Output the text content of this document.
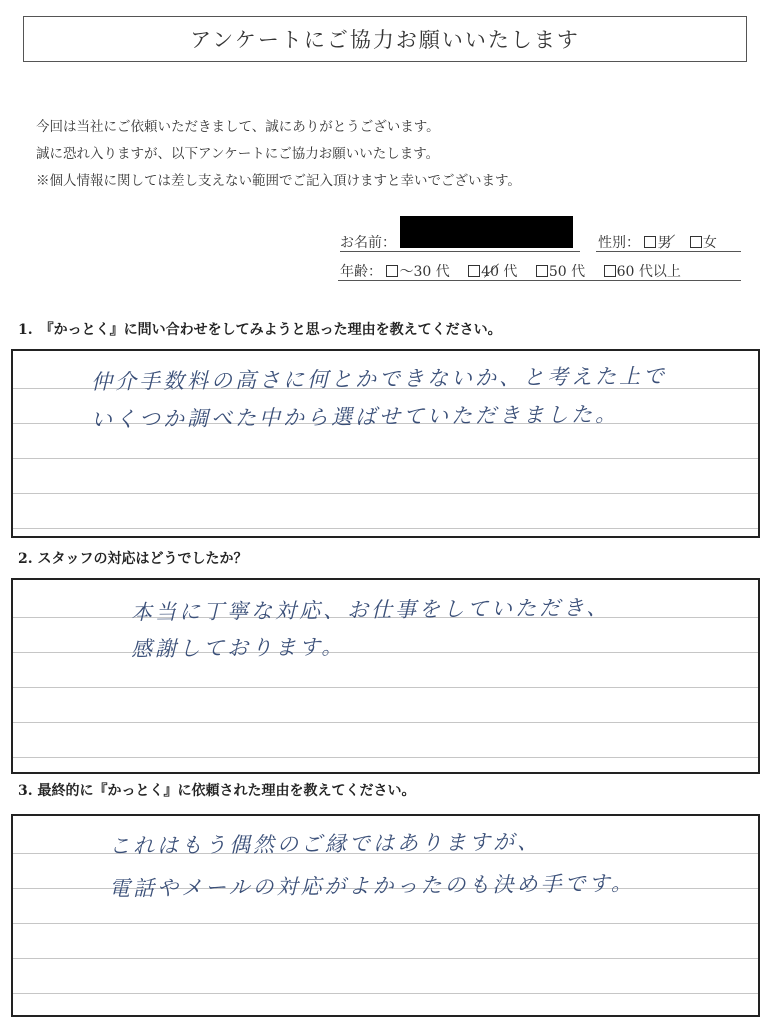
アンケートにご協力お願いいたします
今回は当社にご依頼いただきまして、誠にありがとうございます。
誠に恐れ入りますが、以下アンケートにご協力お願いいたします。
※個人情報に関しては差し支えない範囲でご記入頂けますと幸いでございます。
お名前：	性別： 男 女
年齢： ～30 代 40 代 50 代 60 代以上
1.　『かっとく』に問い合わせをしてみようと思った理由を教えてください。
仲介手数料の高さに何とかできないか、と考えた上で
いくつか調べた中から選ばせていただきました。
2. スタッフの対応はどうでしたか？
本当に丁寧な対応、お仕事をしていただき、
感謝しております。
3. 最終的に『かっとく』に依頼された理由を教えてください。
これはもう偶然のご縁ではありますが、
電話やメールの対応がよかったのも決め手です。
